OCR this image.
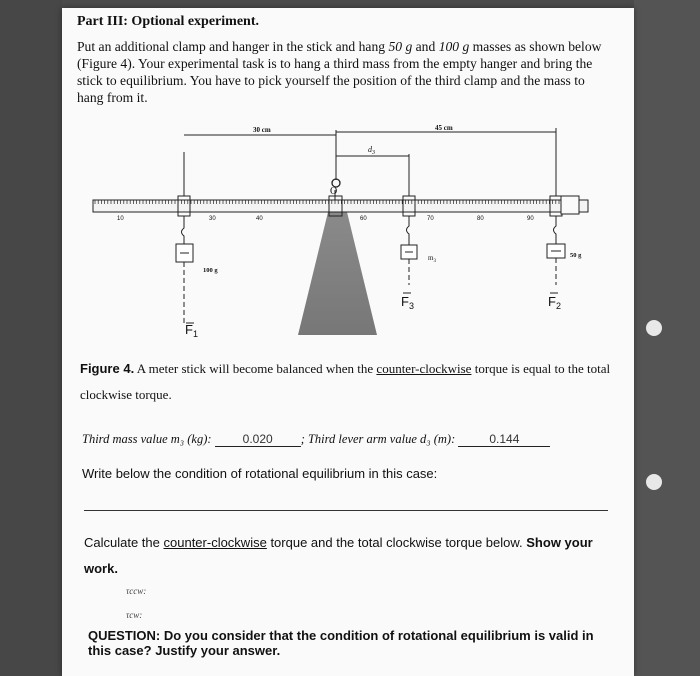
Part III: Optional experiment.
Put an additional clamp and hanger in the stick and hang 50 g and 100 g masses as shown below (Figure 4). Your experimental task is to hang a third mass from the empty hanger and bring the stick to equilibrium. You have to pick yourself the position of the third clamp and the mass to hang from it.
O
10	30	40	60	70	80	90
30 cm	45 cm
$d_3$
100 g
$F_1$
$m_3$
$F_3$
50 g
$F_2$
Figure 4. A meter stick will become balanced when the counter-clockwise torque is equal to the total clockwise torque.
Third mass value m₃ (kg): 0.020 ; Third lever arm value d₃ (m):	0.144
Write below the condition of rotational equilibrium in this case:
Calculate the counter-clockwise torque and the total clockwise torque below. Show your work.
τccw:
τcw:
QUESTION: Do you consider that the condition of rotational equilibrium is valid in this case? Justify your answer.
